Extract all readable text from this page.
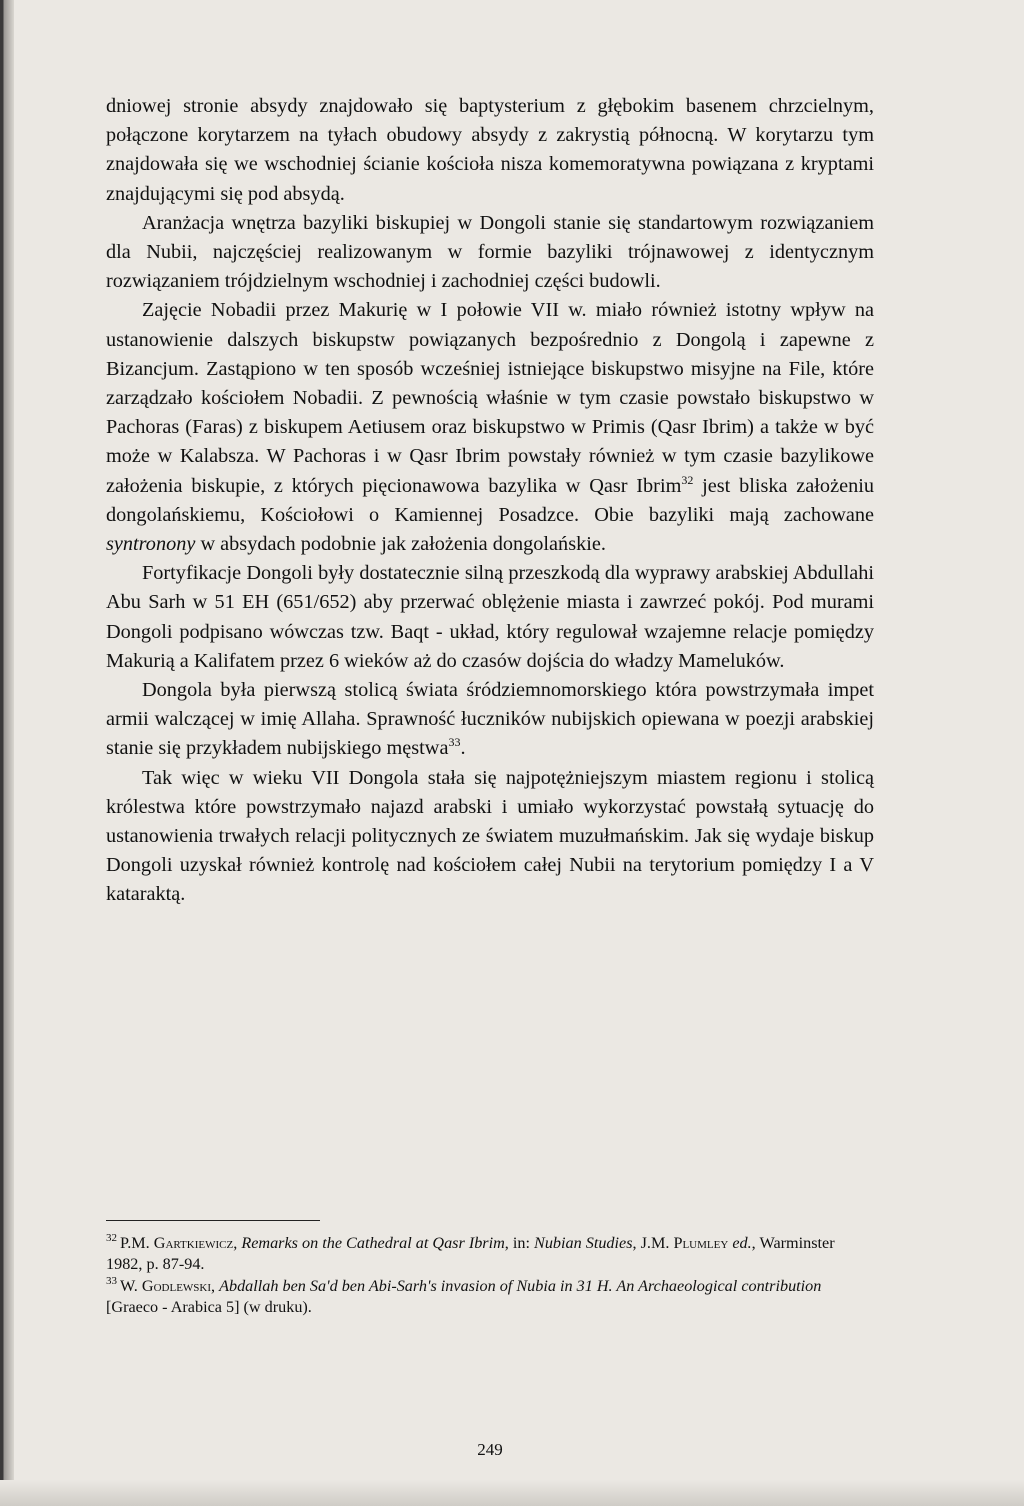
dniowej stronie absydy znajdowało się baptysterium z głębokim basenem chrzcielnym, połączone korytarzem na tyłach obudowy absydy z zakrystią północną. W korytarzu tym znajdowała się we wschodniej ścianie kościoła nisza komemoratywna powiązana z kryptami znajdującymi się pod absydą.

Aranżacja wnętrza bazyliki biskupiej w Dongoli stanie się standartowym rozwiązaniem dla Nubii, najczęściej realizowanym w formie bazyliki trójnawowej z identycznym rozwiązaniem trójdzielnym wschodniej i zachodniej części budowli.

Zajęcie Nobadii przez Makurię w I połowie VII w. miało również istotny wpływ na ustanowienie dalszych biskupstw powiązanych bezpośrednio z Dongolą i zapewne z Bizancjum. Zastąpiono w ten sposób wcześniej istniejące biskupstwo misyjne na File, które zarządzało kościołem Nobadii. Z pewnością właśnie w tym czasie powstało biskupstwo w Pachoras (Faras) z biskupem Aetiusem oraz biskupstwo w Primis (Qasr Ibrim) a także w być może w Kalabsza. W Pachoras i w Qasr Ibrim powstały również w tym czasie bazylikowe założenia biskupie, z których pięcionawowa bazylika w Qasr Ibrim$^{32}$ jest bliska założeniu dongolańskiemu, Kościołowi o Kamiennej Posadzce. Obie bazyliki mają zachowane syntronony w absydach podobnie jak założenia dongolańskie.

Fortyfikacje Dongoli były dostatecznie silną przeszkodą dla wyprawy arabskiej Abdullahi Abu Sarh w 51 EH (651/652) aby przerwać oblężenie miasta i zawrzeć pokój. Pod murami Dongoli podpisano wówczas tzw. Baqt - układ, który regulował wzajemne relacje pomiędzy Makurią a Kalifatem przez 6 wieków aż do czasów dojścia do władzy Mameluków.

Dongola była pierwszą stolicą świata śródziemnomorskiego która powstrzymała impet armii walczącej w imię Allaha. Sprawność łuczników nubijskich opiewana w poezji arabskiej stanie się przykładem nubijskiego męstwa$^{33}$.

Tak więc w wieku VII Dongola stała się najpotężniejszym miastem regionu i stolicą królestwa które powstrzymało najazd arabski i umiało wykorzystać powstałą sytuację do ustanowienia trwałych relacji politycznych ze światem muzułmańskim. Jak się wydaje biskup Dongoli uzyskał również kontrolę nad kościołem całej Nubii na terytorium pomiędzy I a V kataraktą.

$^{32}$ P.M. Gartkiewicz, Remarks on the Cathedral at Qasr Ibrim, in: Nubian Studies, J.M. Plumley ed., Warminster 1982, p. 87-94.
$^{33}$ W. Godlewski, Abdallah ben Sa'd ben Abi-Sarh's invasion of Nubia in 31 H. An Archaeological contribution [Graeco - Arabica 5] (w druku).
249
